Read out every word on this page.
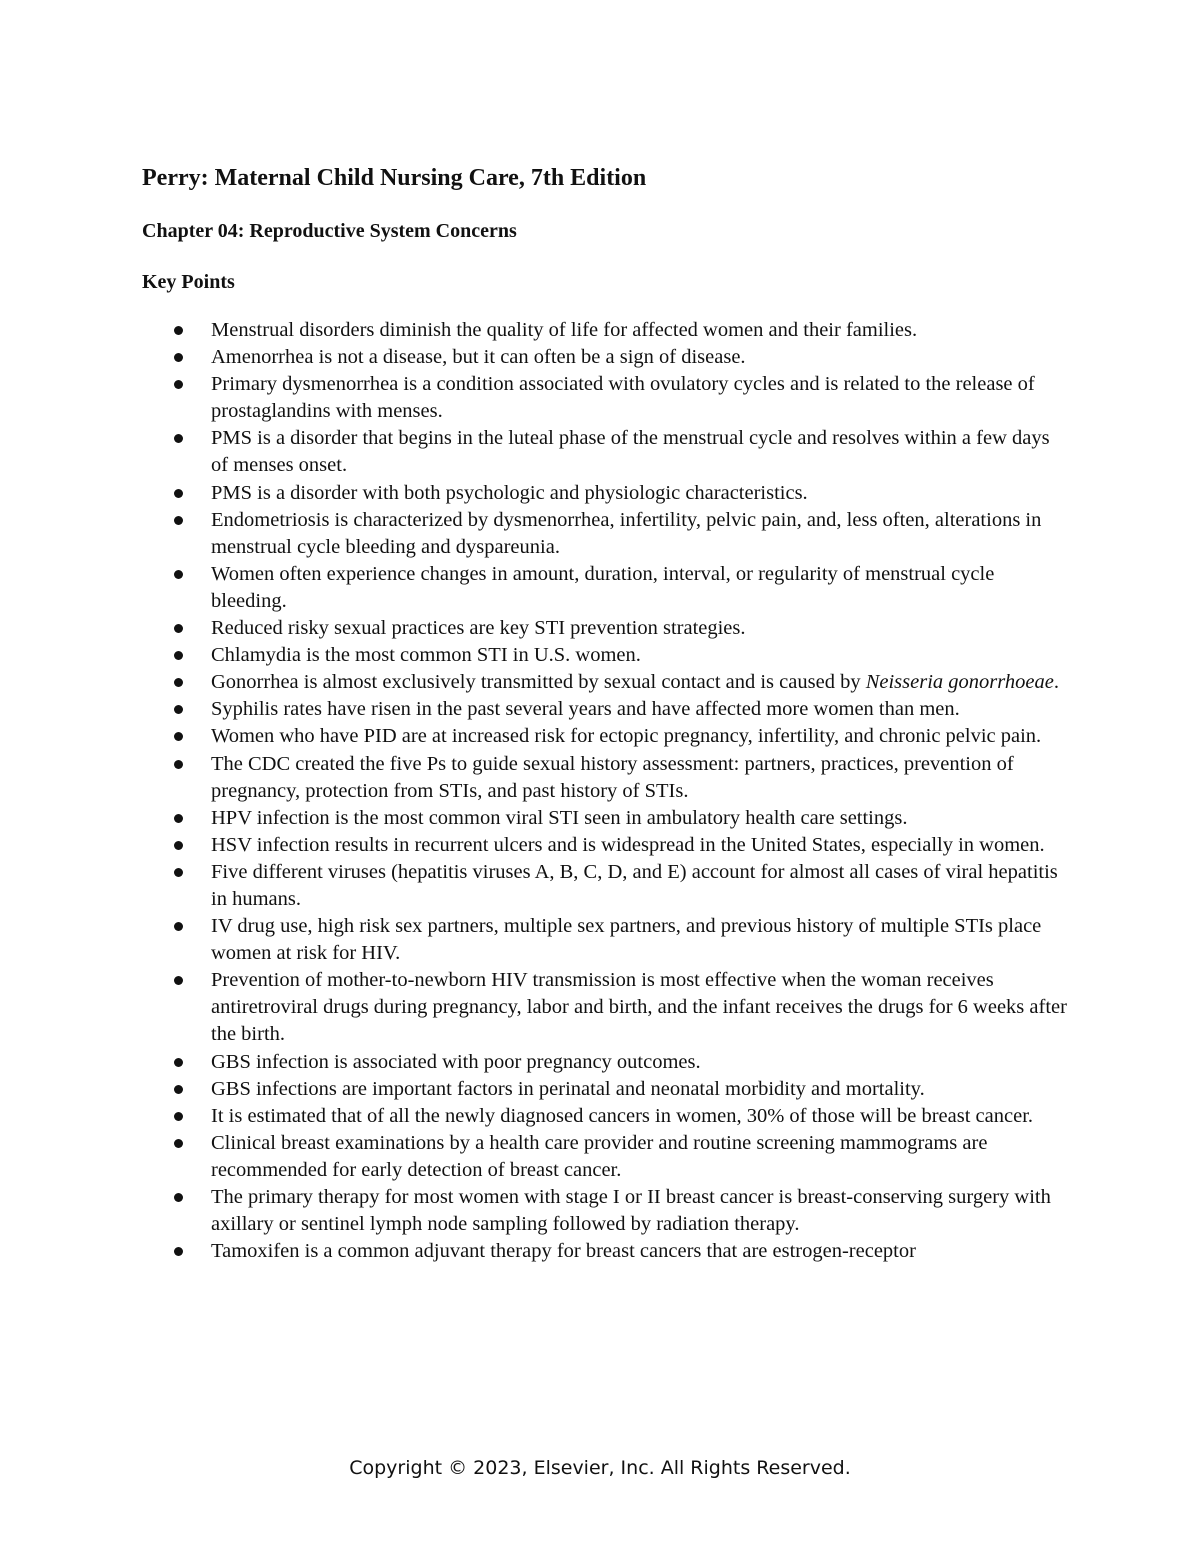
Perry: Maternal Child Nursing Care, 7th Edition
Chapter 04: Reproductive System Concerns
Key Points
Menstrual disorders diminish the quality of life for affected women and their families.
Amenorrhea is not a disease, but it can often be a sign of disease.
Primary dysmenorrhea is a condition associated with ovulatory cycles and is related to the release of prostaglandins with menses.
PMS is a disorder that begins in the luteal phase of the menstrual cycle and resolves within a few days of menses onset.
PMS is a disorder with both psychologic and physiologic characteristics.
Endometriosis is characterized by dysmenorrhea, infertility, pelvic pain, and, less often, alterations in menstrual cycle bleeding and dyspareunia.
Women often experience changes in amount, duration, interval, or regularity of menstrual cycle bleeding.
Reduced risky sexual practices are key STI prevention strategies.
Chlamydia is the most common STI in U.S. women.
Gonorrhea is almost exclusively transmitted by sexual contact and is caused by Neisseria gonorrhoeae.
Syphilis rates have risen in the past several years and have affected more women than men.
Women who have PID are at increased risk for ectopic pregnancy, infertility, and chronic pelvic pain.
The CDC created the five Ps to guide sexual history assessment: partners, practices, prevention of pregnancy, protection from STIs, and past history of STIs.
HPV infection is the most common viral STI seen in ambulatory health care settings.
HSV infection results in recurrent ulcers and is widespread in the United States, especially in women.
Five different viruses (hepatitis viruses A, B, C, D, and E) account for almost all cases of viral hepatitis in humans.
IV drug use, high risk sex partners, multiple sex partners, and previous history of multiple STIs place women at risk for HIV.
Prevention of mother-to-newborn HIV transmission is most effective when the woman receives antiretroviral drugs during pregnancy, labor and birth, and the infant receives the drugs for 6 weeks after the birth.
GBS infection is associated with poor pregnancy outcomes.
GBS infections are important factors in perinatal and neonatal morbidity and mortality.
It is estimated that of all the newly diagnosed cancers in women, 30% of those will be breast cancer.
Clinical breast examinations by a health care provider and routine screening mammograms are recommended for early detection of breast cancer.
The primary therapy for most women with stage I or II breast cancer is breast-conserving surgery with axillary or sentinel lymph node sampling followed by radiation therapy.
Tamoxifen is a common adjuvant therapy for breast cancers that are estrogen-receptor

Copyright © 2023, Elsevier, Inc. All Rights Reserved.
